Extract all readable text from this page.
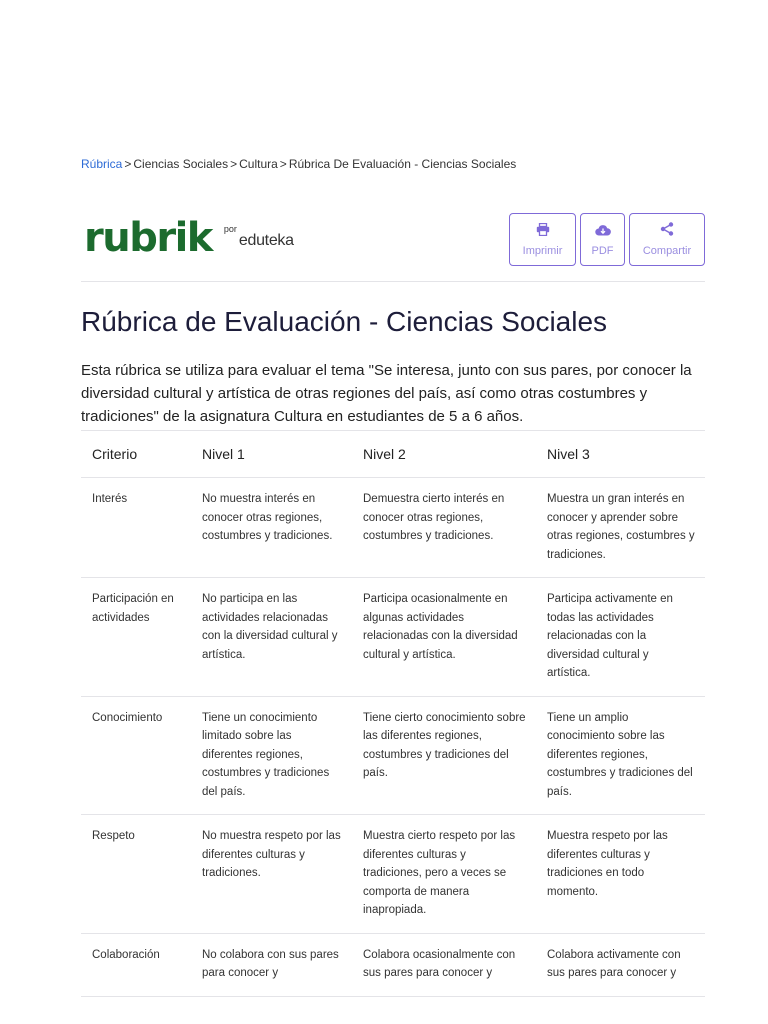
Rúbrica > Ciencias Sociales > Cultura > Rúbrica De Evaluación - Ciencias Sociales
rubrik por
eduteka
Imprimir	PDF	Compartir
Rúbrica de Evaluación - Ciencias Sociales

Esta rúbrica se utiliza para evaluar el tema "Se interesa, junto con sus pares, por conocer la diversidad cultural y artística de otras regiones del país, así como otras costumbres y tradiciones" de la asignatura Cultura en estudiantes de 5 a 6 años.

Criterio	Nivel 1	Nivel 2	Nivel 3
Interés	No muestra interés en conocer otras regiones, costumbres y tradiciones.	Demuestra cierto interés en conocer otras regiones, costumbres y tradiciones.	Muestra un gran interés en conocer y aprender sobre otras regiones, costumbres y tradiciones.
Participación en actividades	No participa en las actividades relacionadas con la diversidad cultural y artística.	Participa ocasionalmente en algunas actividades relacionadas con la diversidad cultural y artística.	Participa activamente en todas las actividades relacionadas con la diversidad cultural y artística.
Conocimiento	Tiene un conocimiento limitado sobre las diferentes regiones, costumbres y tradiciones del país.	Tiene cierto conocimiento sobre las diferentes regiones, costumbres y tradiciones del país.	Tiene un amplio conocimiento sobre las diferentes regiones, costumbres y tradiciones del país.
Respeto	No muestra respeto por las diferentes culturas y tradiciones.	Muestra cierto respeto por las diferentes culturas y tradiciones, pero a veces se comporta de manera inapropiada.	Muestra respeto por las diferentes culturas y tradiciones en todo momento.
Colaboración	No colabora con sus pares para conocer y	Colabora ocasionalmente con sus pares para conocer y	Colabora activamente con sus pares para conocer y
